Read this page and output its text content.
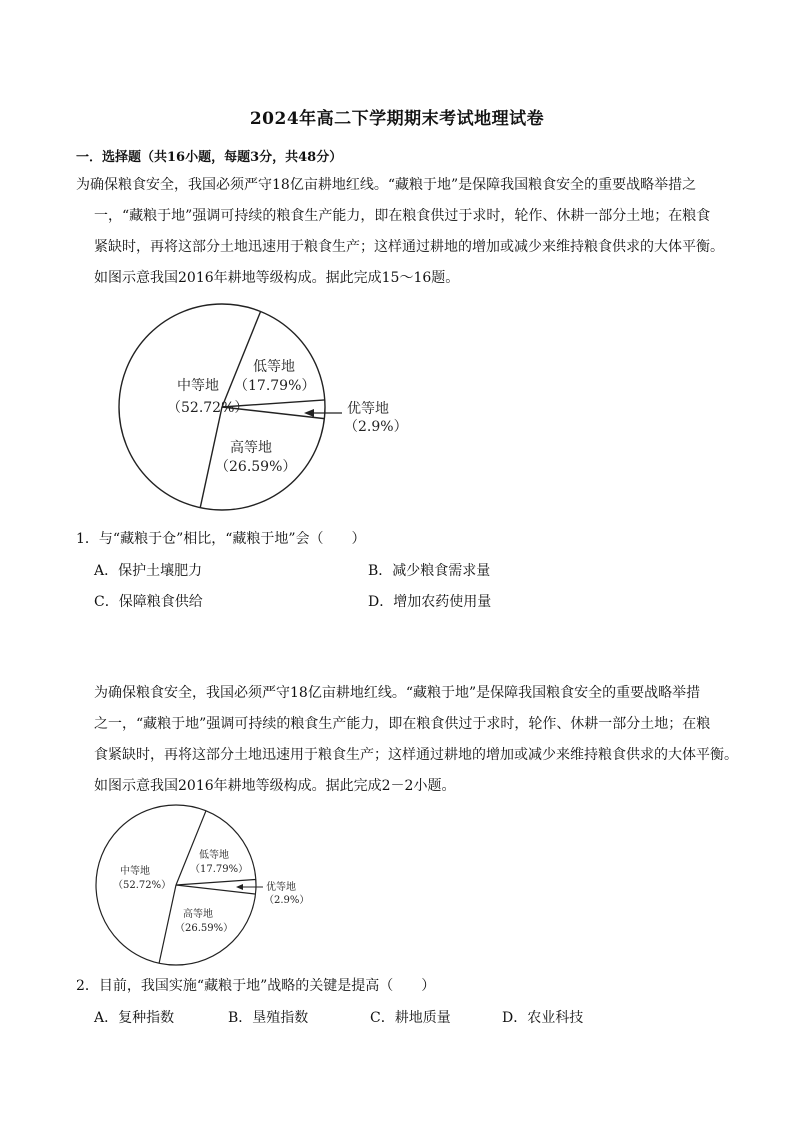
2024年高二下学期期末考试地理试卷
一．选择题（共16小题，每题3分，共48分）
为确保粮食安全，我国必须严守18亿亩耕地红线。“藏粮于地”是保障我国粮食安全的重要战略举措之
一，“藏粮于地”强调可持续的粮食生产能力，即在粮食供过于求时，轮作、休耕一部分土地；在粮食
紧缺时，再将这部分土地迅速用于粮食生产；这样通过耕地的增加或减少来维持粮食供求的大体平衡。
如图示意我国2016年耕地等级构成。据此完成15～16题。
中等地
（52.72%）
低等地
（17.79%）
高等地
（26.59%）
优等地
（2.9%）
1．与“藏粮于仓”相比，“藏粮于地”会（　　）
A．保护土壤肥力	B．减少粮食需求量
C．保障粮食供给	D．增加农药使用量
为确保粮食安全，我国必须严守18亿亩耕地红线。“藏粮于地”是保障我国粮食安全的重要战略举措
之一，“藏粮于地”强调可持续的粮食生产能力，即在粮食供过于求时，轮作、休耕一部分土地；在粮
食紧缺时，再将这部分土地迅速用于粮食生产；这样通过耕地的增加或减少来维持粮食供求的大体平衡。
如图示意我国2016年耕地等级构成。据此完成2－2小题。
中等地
（52.72%）
低等地
（17.79%）
高等地
（26.59%）
优等地
（2.9%）
2．目前，我国实施“藏粮于地”战略的关键是提高（　　）
A．复种指数	B．垦殖指数	C．耕地质量	D．农业科技
